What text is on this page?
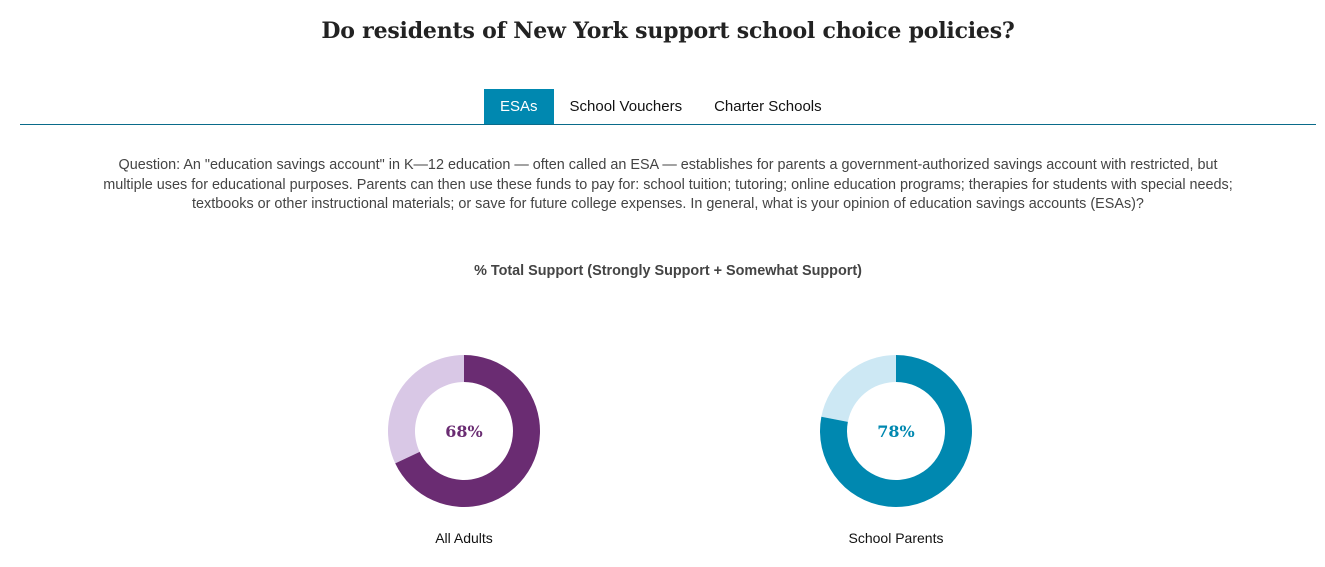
Do residents of New York support school choice policies?
ESAs	School Vouchers	Charter Schools
Question: An "education savings account" in K—12 education — often called an ESA — establishes for parents a government-authorized savings account with restricted, but multiple uses for educational purposes. Parents can then use these funds to pay for: school tuition; tutoring; online education programs; therapies for students with special needs; textbooks or other instructional materials; or save for future college expenses. In general, what is your opinion of education savings accounts (ESAs)?
% Total Support (Strongly Support + Somewhat Support)
68%
All Adults
78%
School Parents
